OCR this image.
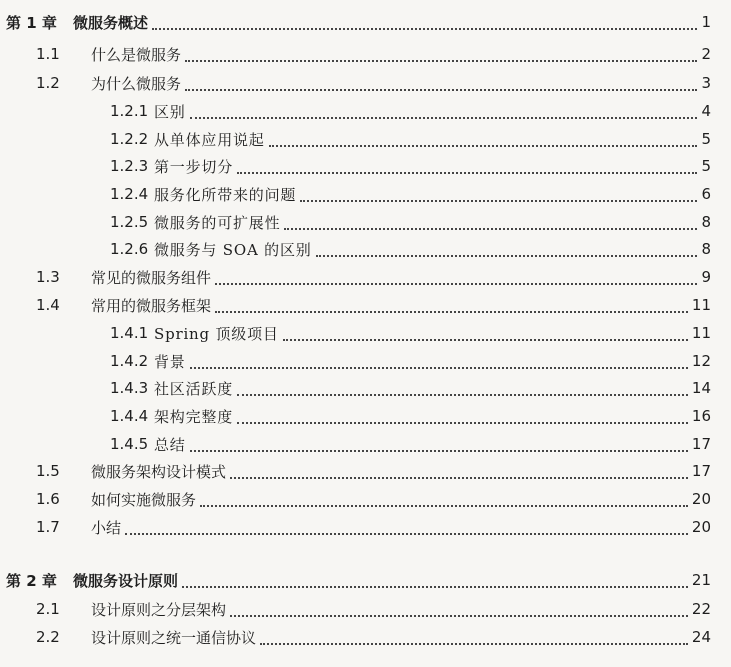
第 1 章	微服务概述	1
1.1	什么是微服务	2
1.2	为什么微服务	3
1.2.1 区别	4
1.2.2 从单体应用说起	5
1.2.3 第一步切分	5
1.2.4 服务化所带来的问题	6
1.2.5 微服务的可扩展性	8
1.2.6 微服务与 SOA 的区别	8
1.3	常见的微服务组件	9
1.4	常用的微服务框架	11
1.4.1 Spring 顶级项目	11
1.4.2 背景	12
1.4.3 社区活跃度	14
1.4.4 架构完整度	16
1.4.5 总结	17
1.5	微服务架构设计模式	17
1.6	如何实施微服务	20
1.7	小结	20
第 2 章	微服务设计原则	21
2.1	设计原则之分层架构	22
2.2	设计原则之统一通信协议	24
